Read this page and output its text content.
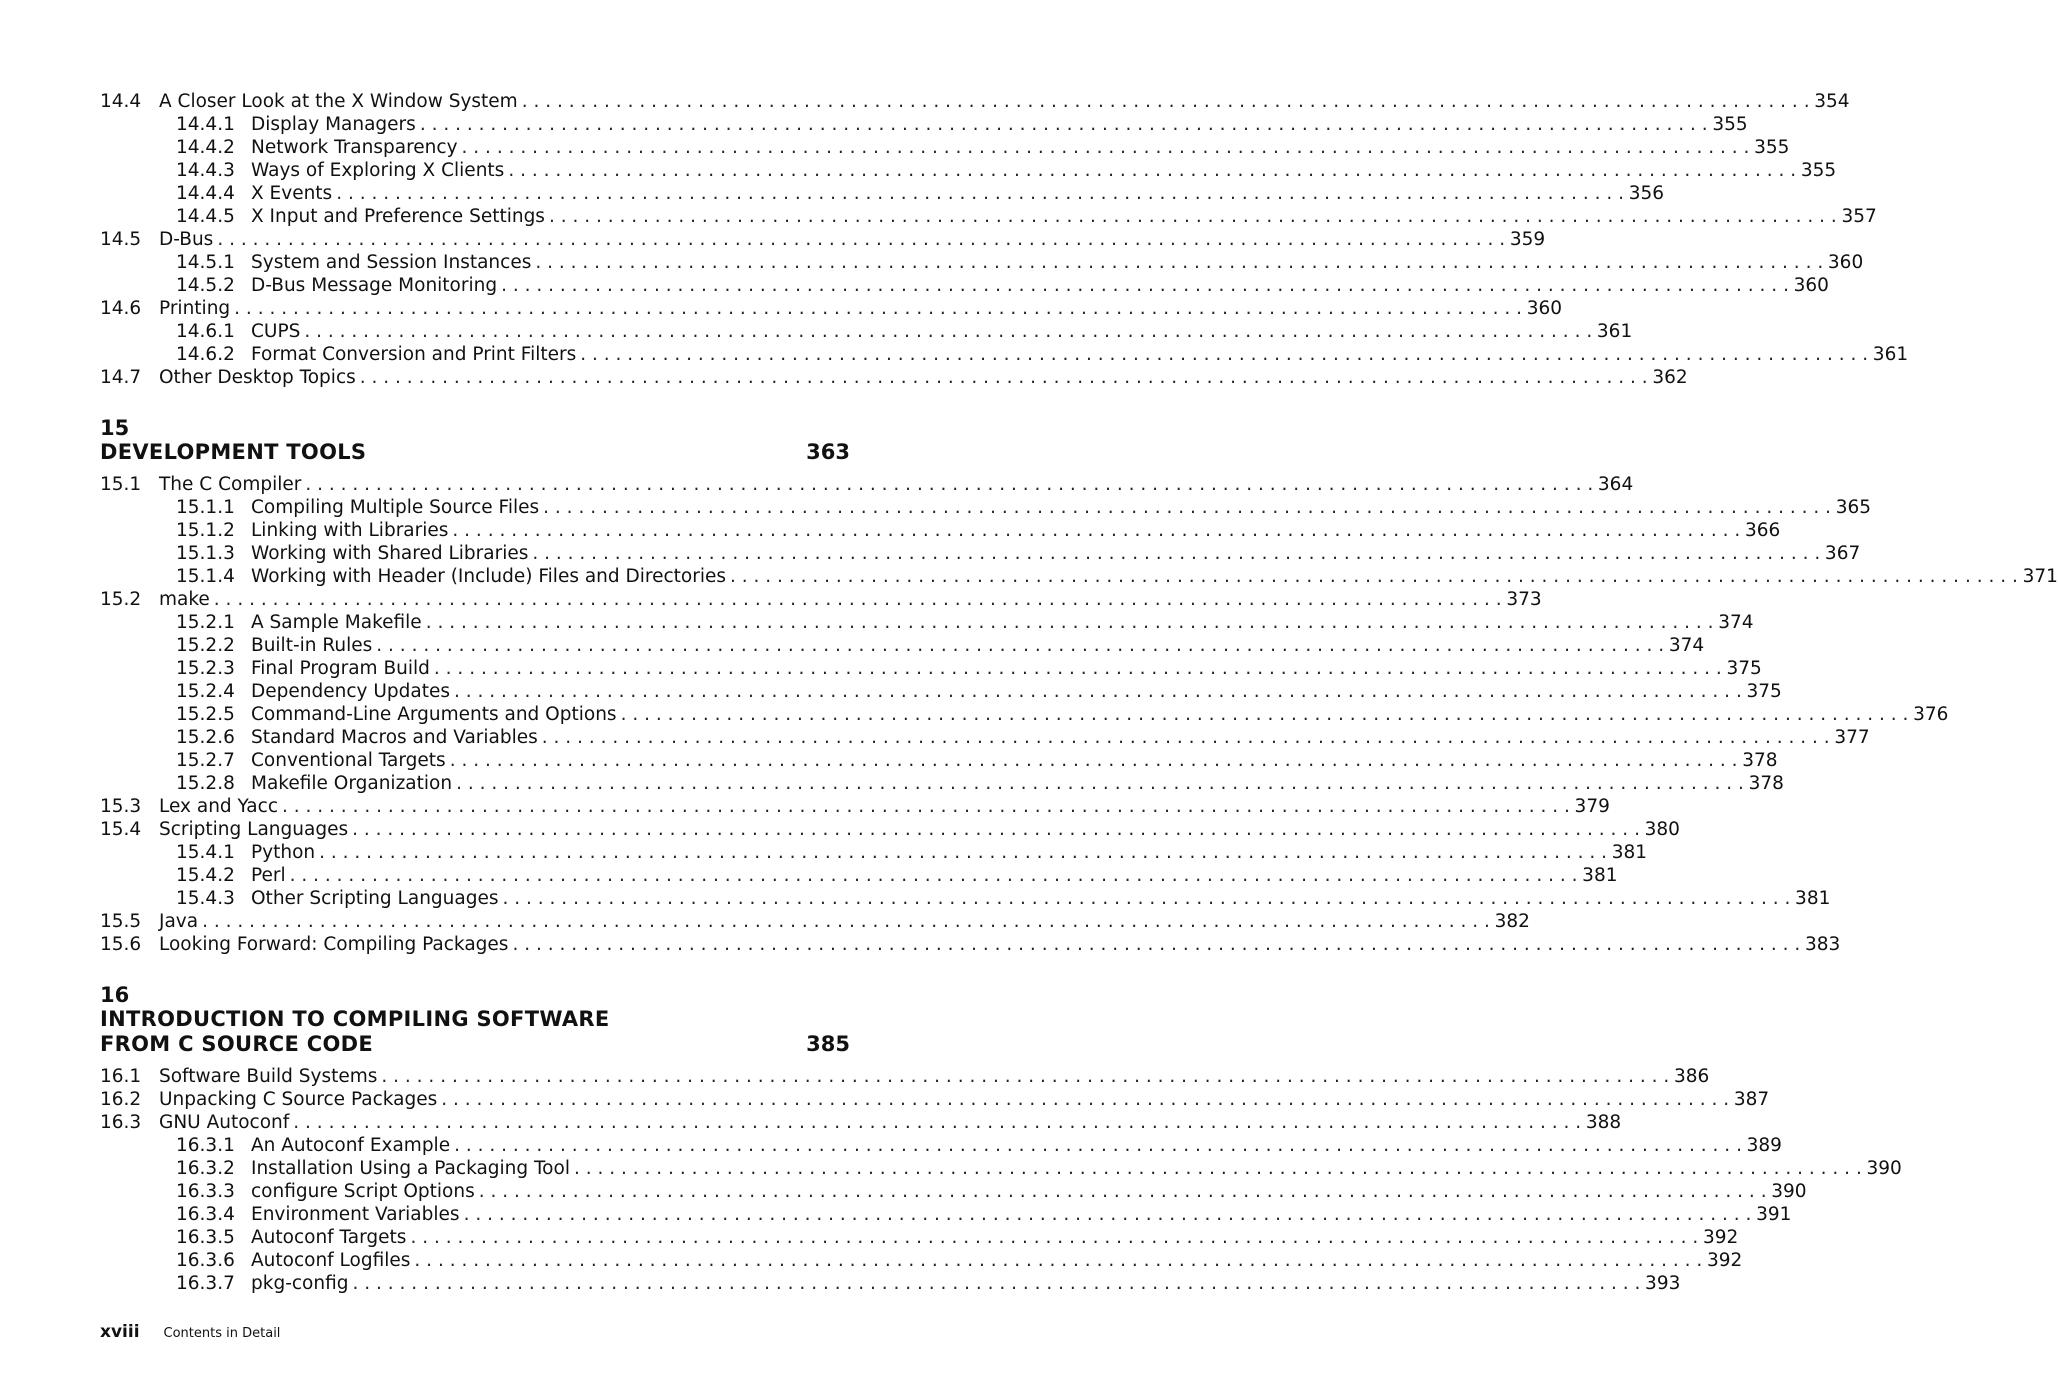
14.4 A Closer Look at the X Window System . . .	354
14.4.1 Display Managers . . .	355
14.4.2 Network Transparency . . .	355
14.4.3 Ways of Exploring X Clients . . .	355
14.4.4 X Events . . .	356
14.4.5 X Input and Preference Settings . . .	357
14.5 D-Bus . . .	359
14.5.1 System and Session Instances . . .	360
14.5.2 D-Bus Message Monitoring . . .	360
14.6 Printing . . .	360
14.6.1 CUPS . . .	361
14.6.2 Format Conversion and Print Filters . . .	361
14.7 Other Desktop Topics . . .	362
15
DEVELOPMENT TOOLS	363
15.1 The C Compiler . . .	364
15.1.1 Compiling Multiple Source Files . . .	365
15.1.2 Linking with Libraries . . .	366
15.1.3 Working with Shared Libraries . . .	367
15.1.4 Working with Header (Include) Files and Directories . . .	371
15.2 make . . .	373
15.2.1 A Sample Makefile . . .	374
15.2.2 Built-in Rules . . .	374
15.2.3 Final Program Build . . .	375
15.2.4 Dependency Updates . . .	375
15.2.5 Command-Line Arguments and Options . . .	376
15.2.6 Standard Macros and Variables . . .	377
15.2.7 Conventional Targets . . .	378
15.2.8 Makefile Organization . . .	378
15.3 Lex and Yacc . . .	379
15.4 Scripting Languages . . .	380
15.4.1 Python . . .	381
15.4.2 Perl . . .	381
15.4.3 Other Scripting Languages . . .	381
15.5 Java . . .	382
15.6 Looking Forward: Compiling Packages . . .	383
16
INTRODUCTION TO COMPILING SOFTWARE
FROM C SOURCE CODE	385
16.1 Software Build Systems . . .	386
16.2 Unpacking C Source Packages . . .	387
16.3 GNU Autoconf . . .	388
16.3.1 An Autoconf Example . . .	389
16.3.2 Installation Using a Packaging Tool . . .	390
16.3.3 configure Script Options . . .	390
16.3.4 Environment Variables . . .	391
16.3.5 Autoconf Targets . . .	392
16.3.6 Autoconf Logfiles . . .	392
16.3.7 pkg-config . . .	393
xviii Contents in Detail
